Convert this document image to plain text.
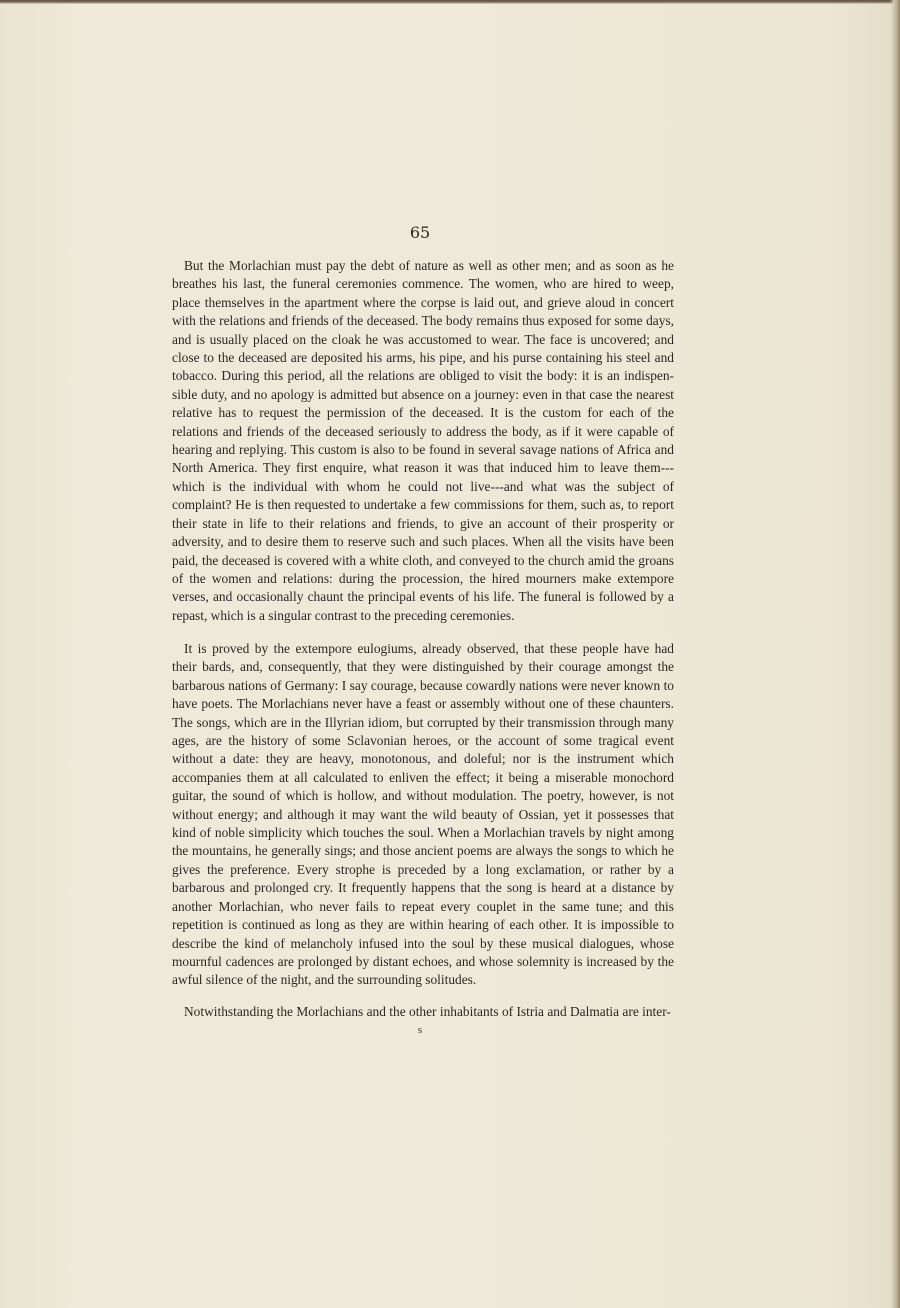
65

But the Morlachian must pay the debt of nature as well as other men; and as soon as he breathes his last, the funeral ceremonies commence. The women, who are hired to weep, place themselves in the apartment where the corpse is laid out, and grieve aloud in concert with the relations and friends of the deceased. The body remains thus exposed for some days, and is usually placed on the cloak he was accustomed to wear. The face is uncovered; and close to the deceased are deposited his arms, his pipe, and his purse containing his steel and tobacco. During this period, all the relations are obliged to visit the body: it is an indispen-sible duty, and no apology is admitted but absence on a journey: even in that case the nearest relative has to request the permission of the deceased. It is the custom for each of the relations and friends of the deceased seriously to address the body, as if it were capable of hearing and replying. This custom is also to be found in several savage nations of Africa and North America. They first enquire, what reason it was that induced him to leave them---which is the individual with whom he could not live---and what was the subject of complaint? He is then requested to undertake a few commissions for them, such as, to report their state in life to their relations and friends, to give an account of their prosperity or adversity, and to desire them to reserve such and such places. When all the visits have been paid, the deceased is covered with a white cloth, and conveyed to the church amid the groans of the women and relations: during the procession, the hired mourners make extempore verses, and occasionally chaunt the principal events of his life. The funeral is followed by a repast, which is a singular contrast to the preceding ceremonies.

It is proved by the extempore eulogiums, already observed, that these people have had their bards, and, consequently, that they were distinguished by their courage amongst the barbarous nations of Germany: I say courage, because cowardly nations were never known to have poets. The Morlachians never have a feast or assembly without one of these chaunters. The songs, which are in the Illyrian idiom, but corrupted by their transmission through many ages, are the history of some Sclavonian heroes, or the account of some tragical event without a date: they are heavy, monotonous, and doleful; nor is the instrument which accompanies them at all calculated to enliven the effect; it being a miserable monochord guitar, the sound of which is hollow, and without modulation. The poetry, however, is not without energy; and although it may want the wild beauty of Ossian, yet it possesses that kind of noble simplicity which touches the soul. When a Morlachian travels by night among the mountains, he generally sings; and those ancient poems are always the songs to which he gives the preference. Every strophe is preceded by a long exclamation, or rather by a barbarous and prolonged cry. It frequently happens that the song is heard at a distance by another Morlachian, who never fails to repeat every couplet in the same tune; and this repetition is continued as long as they are within hearing of each other. It is impossible to describe the kind of melancholy infused into the soul by these musical dialogues, whose mournful cadences are prolonged by distant echoes, and whose solemnity is increased by the awful silence of the night, and the surrounding solitudes.

Notwithstanding the Morlachians and the other inhabitants of Istria and Dalmatia are inter-

s
